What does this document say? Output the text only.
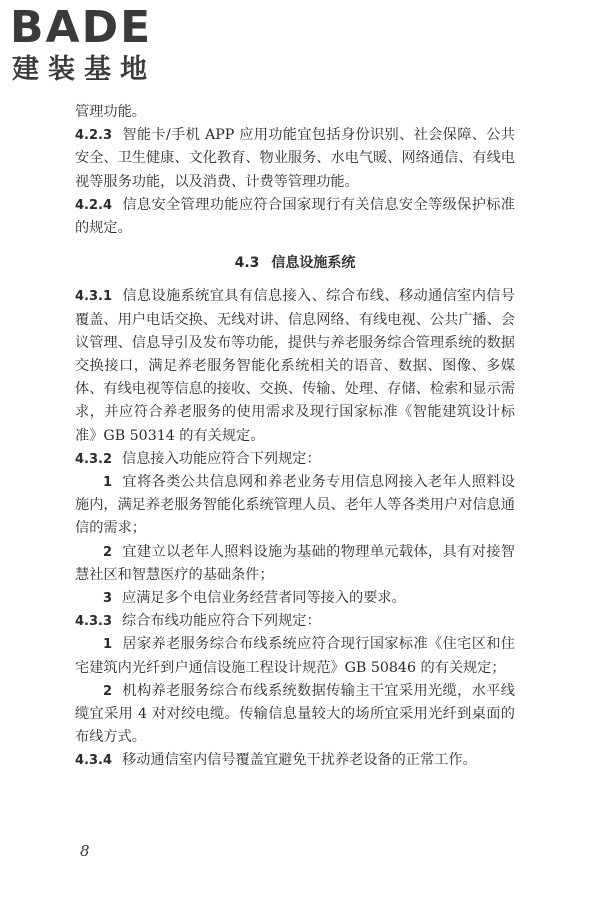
BADE
建装基地

管理功能。

4.2.3 智能卡/手机 APP 应用功能宜包括身份识别、社会保障、公共安全、卫生健康、文化教育、物业服务、水电气暖、网络通信、有线电视等服务功能，以及消费、计费等管理功能。

4.2.4 信息安全管理功能应符合国家现行有关信息安全等级保护标准的规定。

4.3 信息设施系统

4.3.1 信息设施系统宜具有信息接入、综合布线、移动通信室内信号覆盖、用户电话交换、无线对讲、信息网络、有线电视、公共广播、会议管理、信息导引及发布等功能，提供与养老服务综合管理系统的数据交换接口，满足养老服务智能化系统相关的语音、数据、图像、多媒体、有线电视等信息的接收、交换、传输、处理、存储、检索和显示需求，并应符合养老服务的使用需求及现行国家标准《智能建筑设计标准》GB 50314 的有关规定。

4.3.2 信息接入功能应符合下列规定：

1 宜将各类公共信息网和养老业务专用信息网接入老年人照料设施内，满足养老服务智能化系统管理人员、老年人等各类用户对信息通信的需求；

2 宜建立以老年人照料设施为基础的物理单元载体，具有对接智慧社区和智慧医疗的基础条件；

3 应满足多个电信业务经营者同等接入的要求。

4.3.3 综合布线功能应符合下列规定：

1 居家养老服务综合布线系统应符合现行国家标准《住宅区和住宅建筑内光纤到户通信设施工程设计规范》GB 50846 的有关规定；

2 机构养老服务综合布线系统数据传输主干宜采用光缆，水平线缆宜采用 4 对对绞电缆。传输信息量较大的场所宜采用光纤到桌面的布线方式。

4.3.4 移动通信室内信号覆盖宜避免干扰养老设备的正常工作。

8
